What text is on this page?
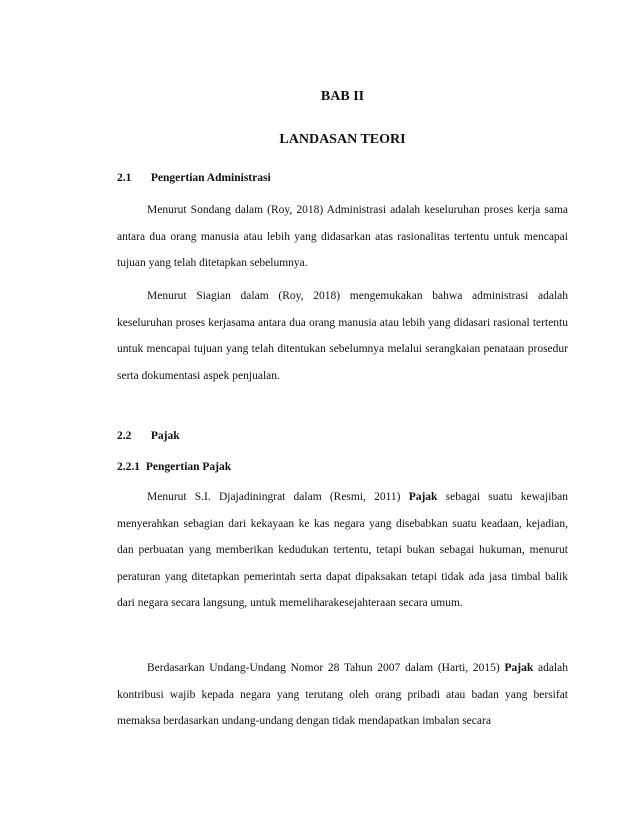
BAB II
LANDASAN TEORI
2.1 Pengertian Administrasi

Menurut Sondang dalam (Roy, 2018) Administrasi adalah keseluruhan proses kerja sama antara dua orang manusia atau lebih yang didasarkan atas rasionalitas tertentu untuk mencapai tujuan yang telah ditetapkan sebelumnya.

Menurut Siagian dalam (Roy, 2018) mengemukakan bahwa administrasi adalah keseluruhan proses kerjasama antara dua orang manusia atau lebih yang didasari rasional tertentu untuk mencapai tujuan yang telah ditentukan sebelumnya melalui serangkaian penataan prosedur serta dokumentasi aspek penjualan.

2.2 Pajak
2.2.1 Pengertian Pajak

Menurut S.I. Djajadiningrat dalam (Resmi, 2011) Pajak sebagai suatu kewajiban menyerahkan sebagian dari kekayaan ke kas negara yang disebabkan suatu keadaan, kejadian, dan perbuatan yang memberikan kedudukan tertentu, tetapi bukan sebagai hukuman, menurut peraturan yang ditetapkan pemerintah serta dapat dipaksakan tetapi tidak ada jasa timbal balik dari negara secara langsung, untuk memeliharakesejahteraan secara umum.

Berdasarkan Undang-Undang Nomor 28 Tahun 2007 dalam (Harti, 2015) Pajak adalah kontribusi wajib kepada negara yang terutang oleh orang pribadi atau badan yang bersifat memaksa berdasarkan undang-undang dengan tidak mendapatkan imbalan secara
